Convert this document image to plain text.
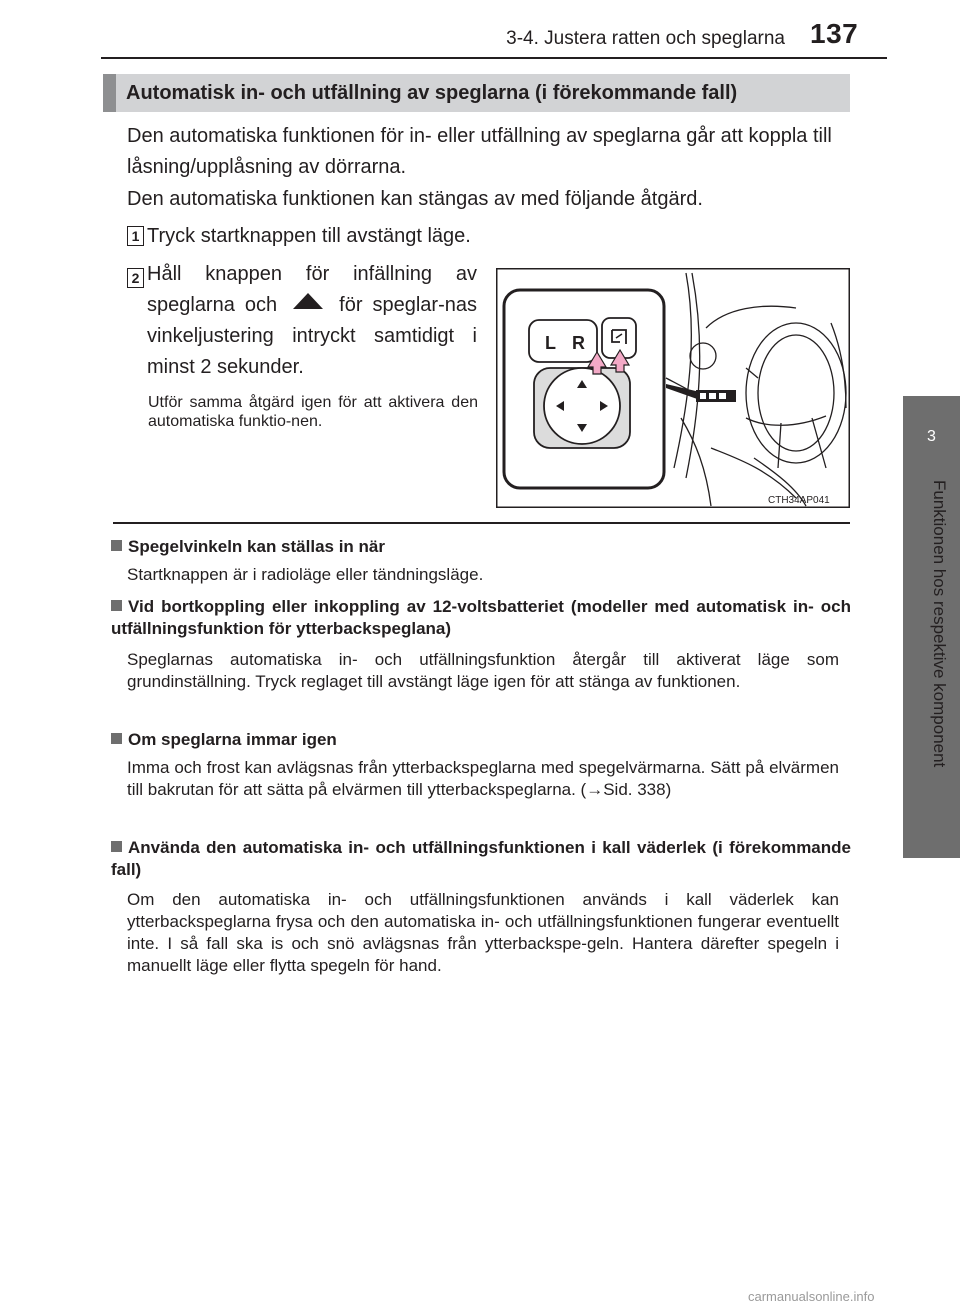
3-4. Justera ratten och speglarna 137
3
Funktionen hos respektive komponent
Automatisk in- och utfällning av speglarna (i förekommande fall)
Den automatiska funktionen för in- eller utfällning av speglarna går att koppla till låsning/upplåsning av dörrarna.
Den automatiska funktionen kan stängas av med följande åtgärd.
1 Tryck startknappen till avstängt läge.
2 Håll knappen för infällning av speglarna och	för speglar-nas vinkeljustering intryckt samtidigt i minst 2 sekunder.
Utför samma åtgärd igen för att aktivera den automatiska funktio-nen.
L R
CTH34AP041
Spegelvinkeln kan ställas in när
Startknappen är i radioläge eller tändningsläge.
Vid bortkoppling eller inkoppling av 12-voltsbatteriet (modeller med automatisk in- och utfällningsfunktion för ytterbackspeglana)
Speglarnas automatiska in- och utfällningsfunktion återgår till aktiverat läge som grundinställning. Tryck reglaget till avstängt läge igen för att stänga av funktionen.
Om speglarna immar igen
Imma och frost kan avlägsnas från ytterbackspeglarna med spegelvärmarna. Sätt på elvärmen till bakrutan för att sätta på elvärmen till ytterbackspeglarna. (→Sid. 338)
Använda den automatiska in- och utfällningsfunktionen i kall väderlek (i förekommande fall)
Om den automatiska in- och utfällningsfunktionen används i kall väderlek kan ytterbackspeglarna frysa och den automatiska in- och utfällningsfunktionen fungerar eventuellt inte. I så fall ska is och snö avlägsnas från ytterbackspe-geln. Hantera därefter spegeln i manuellt läge eller flytta spegeln för hand.
carmanualsonline.info
